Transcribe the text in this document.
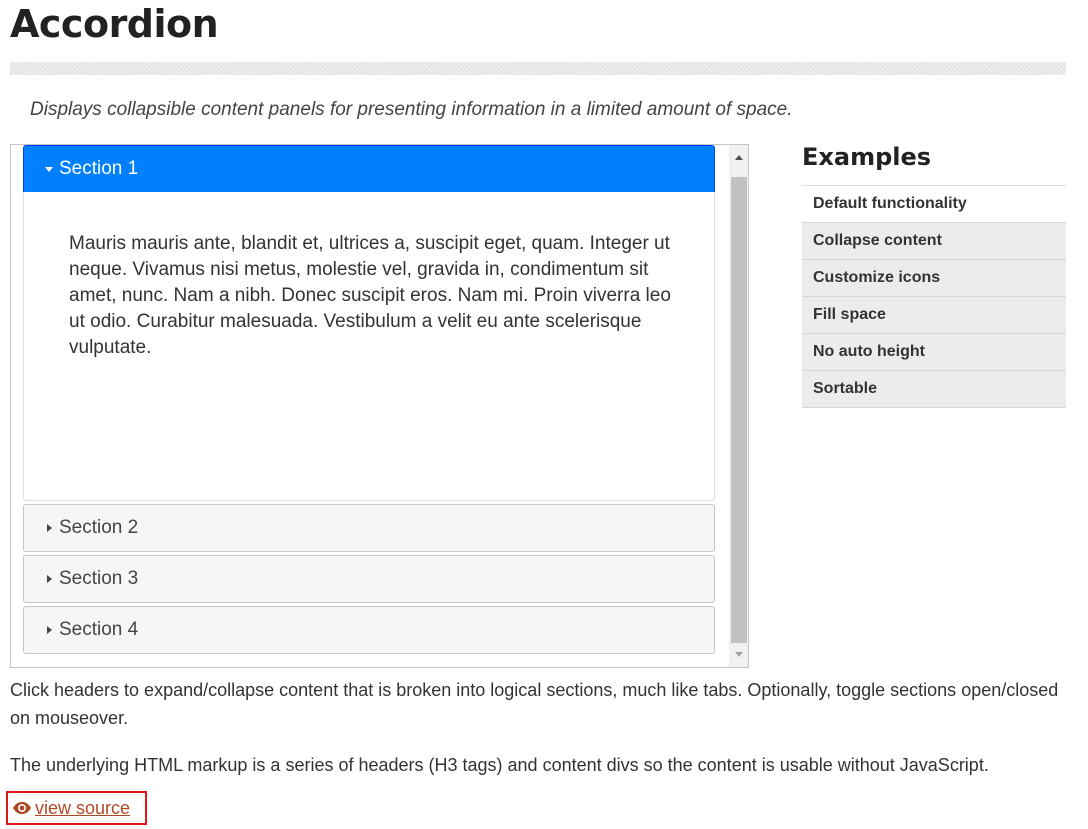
Accordion

Displays collapsible content panels for presenting information in a limited amount of space.

Section 1

Mauris mauris ante, blandit et, ultrices a, suscipit eget, quam. Integer ut neque. Vivamus nisi metus, molestie vel, gravida in, condimentum sit amet, nunc. Nam a nibh. Donec suscipit eros. Nam mi. Proin viverra leo ut odio. Curabitur malesuada. Vestibulum a velit eu ante scelerisque vulputate.

Section 2
Section 3
Section 4
Examples
Default functionality
Collapse content
Customize icons
Fill space
No auto height
Sortable

Click headers to expand/collapse content that is broken into logical sections, much like tabs. Optionally, toggle sections open/closed on mouseover.

The underlying HTML markup is a series of headers (H3 tags) and content divs so the content is usable without JavaScript.

view source
